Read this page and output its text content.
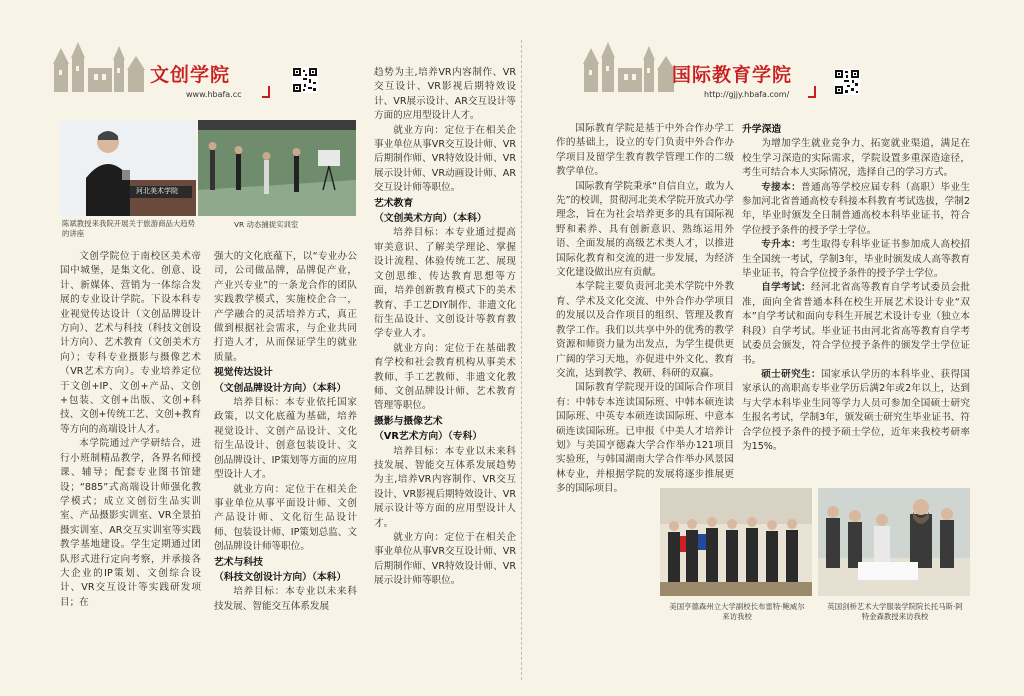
文创学院
www.hbafa.cc
河北美术学院
陈斌教授来我院开展关于旅游商品大趋势的讲座
VR 动态捕捉实训室

文创学院位于南校区美术帝国中城堡，是集文化、创意、设计、新媒体、营销为一体综合发展的专业设计学院。下设本科专业视觉传达设计（文创品牌设计方向）、艺术与科技（科技文创设计方向）、艺术教育（文创美术方向）；专科专业摄影与摄像艺术（VR艺术方向）。专业培养定位于文创+IP、文创+产品、文创+包装、文创+出版、文创+科技、文创+传统工艺、文创+教育等方向的高端设计人才。

本学院通过产学研结合，进行小班制精品教学，各界名师授课、辅导；配套专业图书馆建设；“885”式高端设计师强化教学模式；成立文创衍生品实训室、产品摄影实训室、VR全景拍摄实训室、AR交互实训室等实践教学基地建设。学生定期通过团队形式进行定向考察，并承接各大企业的IP策划、文创综合设计、VR交互设计等实践研发项目；在

强大的文化底蕴下，以“专业办公司，公司做品牌，品牌促产业，产业兴专业”的一条龙合作的团队实践教学模式，实施校企合一，产学融合的灵活培养方式，真正做到根据社会需求，与企业共同打造人才，从而保证学生的就业质量。

视觉传达设计
（文创品牌设计方向）（本科）

培养目标：本专业依托国家政策，以文化底蕴为基础，培养视觉设计、文创产品设计、文化衍生品设计、创意包装设计、文创品牌设计、IP策划等方面的应用型设计人才。

就业方向：定位于在相关企事业单位从事平面设计师、文创产品设计师、文化衍生品设计师、包装设计师、IP策划总监、文创品牌设计师等职位。

艺术与科技
（科技文创设计方向）（本科）

培养目标：本专业以未来科技发展、智能交互体系发展

趋势为主,培养VR内容制作、VR交互设计、VR影视后期特效设计、VR展示设计、AR交互设计等方面的应用型设计人才。

就业方向：定位于在相关企事业单位从事VR交互设计师、VR后期制作师、VR特效设计师、VR展示设计师、VR动画设计师、AR交互设计师等职位。

艺术教育
（文创美术方向）（本科）

培养目标：本专业通过提高审美意识、了解美学理论、掌握设计流程、体验传统工艺、展现文创思维、传达教育思想等方面，培养创新教育模式下的美术教育、手工艺DIY制作、非遗文化衍生品设计、文创设计等教育教学专业人才。

就业方向：定位于在基础教育学校和社会教育机构从事美术教师、手工艺教师、非遗文化教师、文创品牌设计师、艺术教育管理等职位。

摄影与摄像艺术
（VR艺术方向）（专科）

培养目标：本专业以未来科技发展、智能交互体系发展趋势为主,培养VR内容制作、VR交互设计、VR影视后期特效设计、VR展示设计等方面的应用型设计人才。

就业方向：定位于在相关企事业单位从事VR交互设计师、VR后期制作师、VR特效设计师、VR展示设计师等职位。

国际教育学院
http://gjjy.hbafa.com/

国际教育学院是基于中外合作办学工作的基础上，设立的专门负责中外合作办学项目及留学生教育教学管理工作的二级教学单位。

国际教育学院秉承“自信自立，敢为人先”的校训，贯彻河北美术学院开放式办学理念，旨在为社会培养更多的具有国际视野和素养、具有创新意识、熟练运用外语、全面发展的高级艺术类人才，以推进国际化教育和交流的进一步发展，为经济文化建设做出应有贡献。

本学院主要负责河北美术学院中外教育、学术及文化交流、中外合作办学项目的发展以及合作项目的组织、管理及教育教学工作。我们以共享中外的优秀的教学资源和师资力量为出发点，为学生提供更广阔的学习天地，亦促进中外文化、教育交流，达到教学、教研、科研的双赢。

国际教育学院现开设的国际合作项目有：中韩专本连读国际班、中韩本硕连读国际班、中英专本硕连读国际班、中意本硕连读国际班。已申报《中美人才培养计划》与美国亨德森大学合作举办121项目实验班，与韩国湖南大学合作举办风景园林专业，并根据学院的发展将逐步推展更多的国际项目。

升学深造

为增加学生就业竞争力、拓宽就业渠道，满足在校生学习深造的实际需求，学院设置多重深造途径，考生可结合本人实际情况，选择自己的学习方式。

专接本：普通高等学校应届专科（高职）毕业生参加河北省普通高校专科接本科教育考试选拔，学制2年，毕业时颁发全日制普通高校本科毕业证书，符合学位授予条件的授予学士学位。

专升本：考生取得专科毕业证书参加成人高校招生全国统一考试，学制3年，毕业时颁发成人高等教育毕业证书，符合学位授予条件的授予学士学位。

自学考试：经河北省高等教育自学考试委员会批准，面向全省普通本科在校生开展艺术设计专业“双本”自学考试和面向专科生开展艺术设计专业（独立本科段）自学考试。毕业证书由河北省高等教育自学考试委员会颁发，符合学位授予条件的颁发学士学位证书。

硕士研究生：国家承认学历的本科毕业、获得国家承认的高职高专毕业学历后满2年或2年以上，达到与大学本科毕业生同等学力人员可参加全国硕士研究生报名考试，学制3年，颁发硕士研究生毕业证书、符合学位授予条件的授予硕士学位，近年来我校考研率为15%。

美国亨德森州立大学副校长布雷特·鲍威尔来访我校
英国剑桥艺术大学服装学院院长托马斯·阿特金森教授来访我校
